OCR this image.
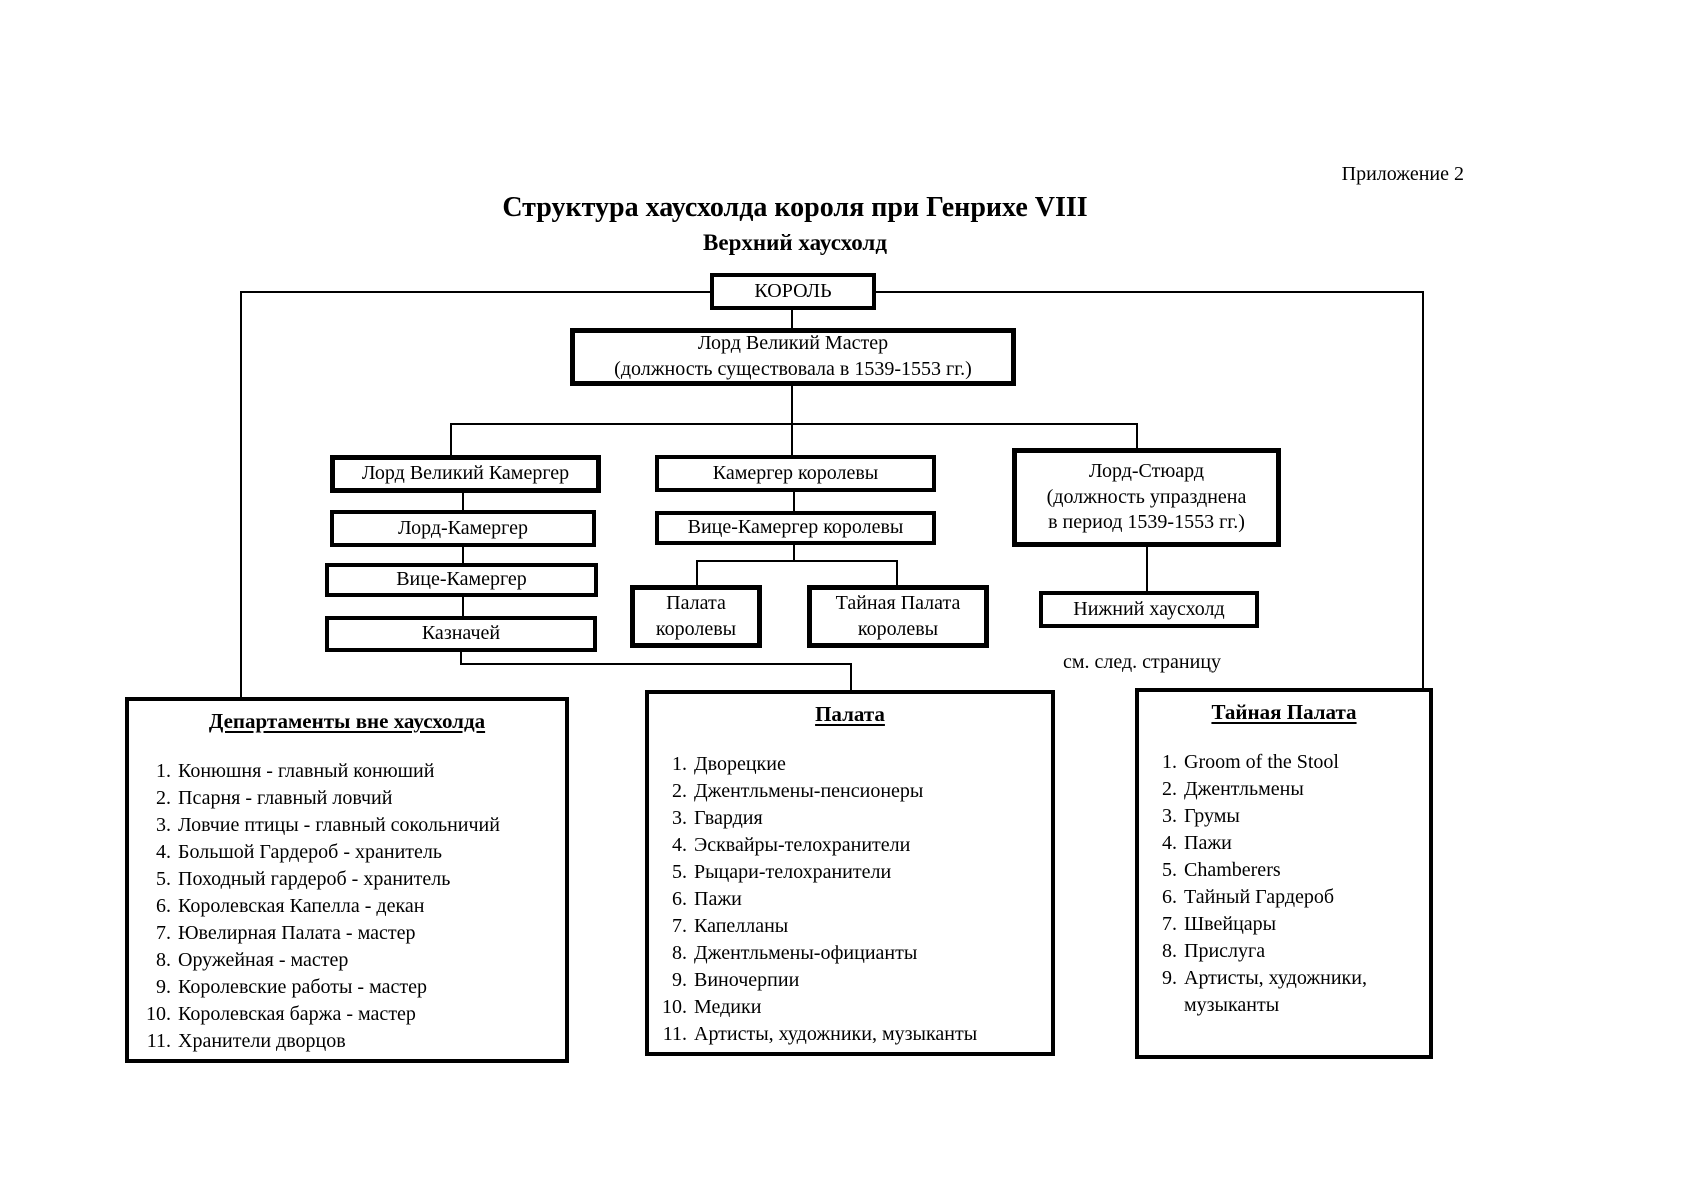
Приложение 2
Структура хаусхолда короля при Генрихе VIII
Верхний хаусхолд
КОРОЛЬ
Лорд Великий Мастер
(должность существовала в 1539-1553 гг.)
Лорд Великий Камергер	Камергер королевы	Лорд-Стюард
(должность упразднена
в период 1539-1553 гг.)
Лорд-Камергер	Вице-Камергер королевы
Вице-Камергер
Палата
королевы
Тайная Палата
королевы
Нижний хаусхолд
Казначей
см. след. страницу
Департаменты вне хаусхолда
1. Конюшня - главный конюший
2. Псарня - главный ловчий
3. Ловчие птицы - главный сокольничий
4. Большой Гардероб - хранитель
5. Походный гардероб - хранитель
6. Королевская Капелла - декан
7. Ювелирная Палата - мастер
8. Оружейная - мастер
9. Королевские работы - мастер
10. Королевская баржа - мастер
11. Хранители дворцов
Палата
1. Дворецкие
2. Джентльмены-пенсионеры
3. Гвардия
4. Эсквайры-телохранители
5. Рыцари-телохранители
6. Пажи
7. Капелланы
8. Джентльмены-официанты
9. Виночерпии
10. Медики
11. Артисты, художники, музыканты
Тайная Палата
1. Groom of the Stool
2. Джентльмены
3. Грумы
4. Пажи
5. Chamberers
6. Тайный Гардероб
7. Швейцары
8. Прислуга
9. Артисты, художники, музыканты
